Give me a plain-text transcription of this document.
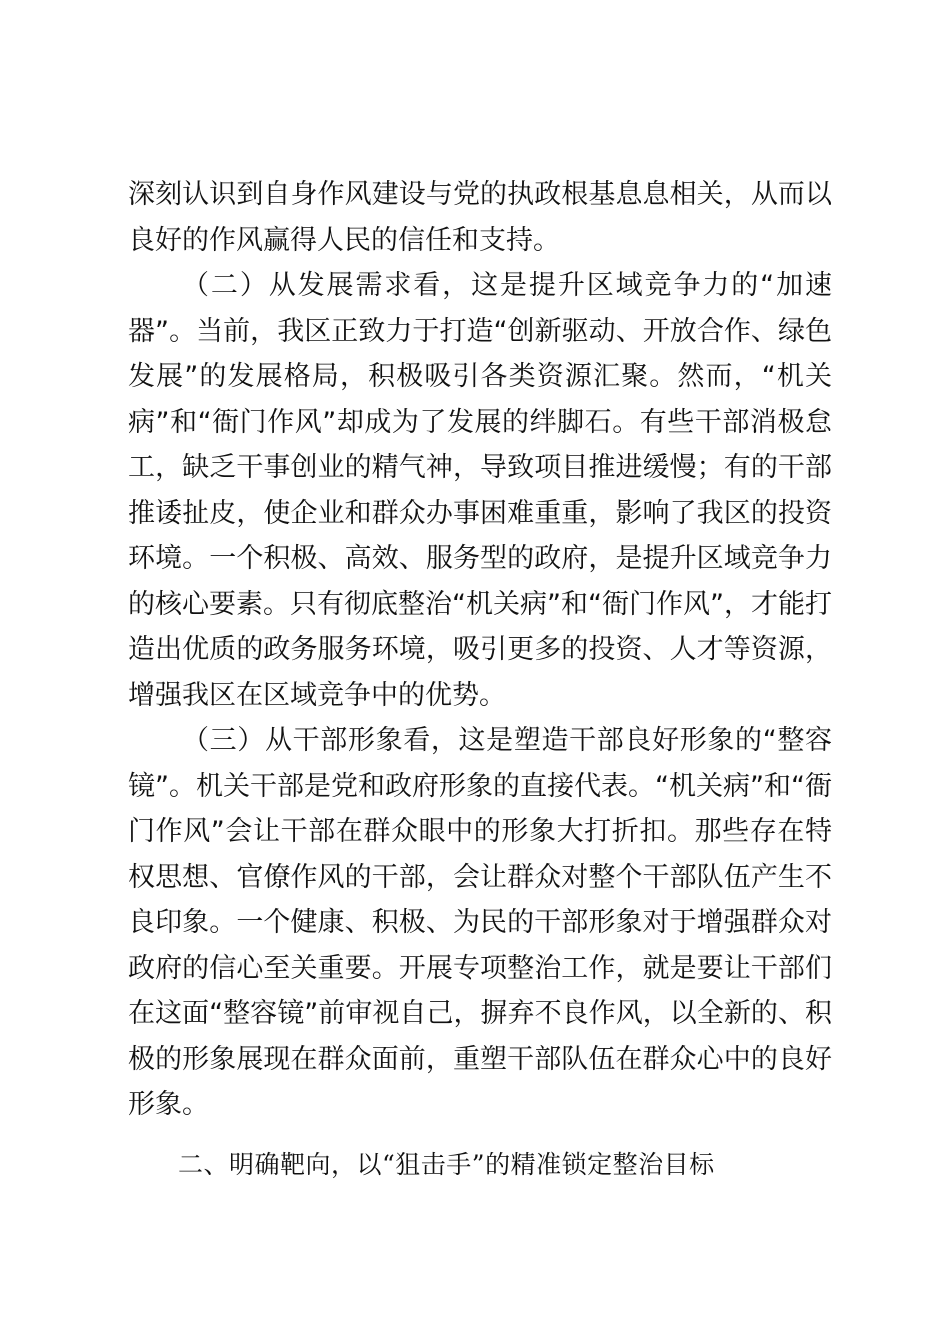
深刻认识到自身作风建设与党的执政根基息息相关，从而以良好的作风赢得人民的信任和支持。

（二）从发展需求看，这是提升区域竞争力的“加速器”。当前，我区正致力于打造“创新驱动、开放合作、绿色发展”的发展格局，积极吸引各类资源汇聚。然而，“机关病”和“衙门作风”却成为了发展的绊脚石。有些干部消极怠工，缺乏干事创业的精气神，导致项目推进缓慢；有的干部推诿扯皮，使企业和群众办事困难重重，影响了我区的投资环境。一个积极、高效、服务型的政府，是提升区域竞争力的核心要素。只有彻底整治“机关病”和“衙门作风”，才能打造出优质的政务服务环境，吸引更多的投资、人才等资源，增强我区在区域竞争中的优势。

（三）从干部形象看，这是塑造干部良好形象的“整容镜”。机关干部是党和政府形象的直接代表。“机关病”和“衙门作风”会让干部在群众眼中的形象大打折扣。那些存在特权思想、官僚作风的干部，会让群众对整个干部队伍产生不良印象。一个健康、积极、为民的干部形象对于增强群众对政府的信心至关重要。开展专项整治工作，就是要让干部们在这面“整容镜”前审视自己，摒弃不良作风，以全新的、积极的形象展现在群众面前，重塑干部队伍在群众心中的良好形象。

二、明确靶向，以“狙击手”的精准锁定整治目标
